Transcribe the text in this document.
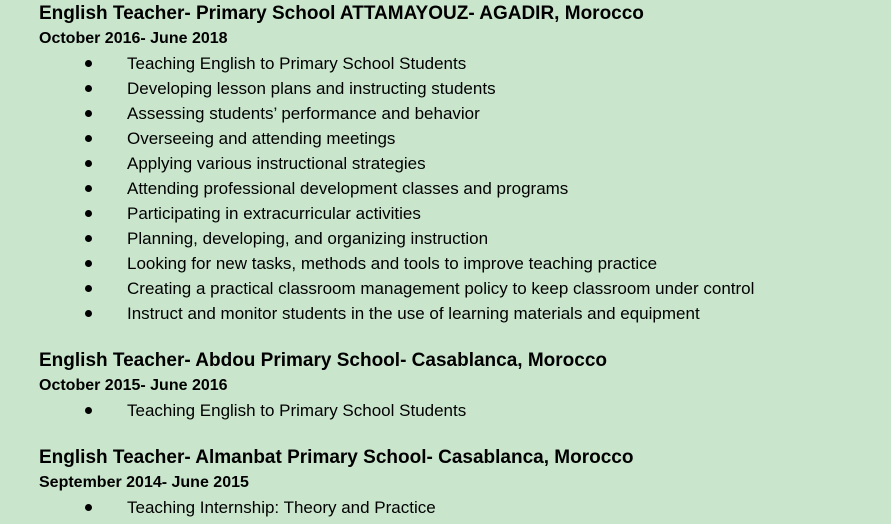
English Teacher- Primary School ATTAMAYOUZ- AGADIR, Morocco

October 2016- June 2018

Teaching English to Primary School Students
Developing lesson plans and instructing students
Assessing students’ performance and behavior
Overseeing and attending meetings
Applying various instructional strategies
Attending professional development classes and programs
Participating in extracurricular activities
Planning, developing, and organizing instruction
Looking for new tasks, methods and tools to improve teaching practice
Creating a practical classroom management policy to keep classroom under control
Instruct and monitor students in the use of learning materials and equipment

English Teacher- Abdou Primary School- Casablanca, Morocco

October 2015- June 2016

Teaching English to Primary School Students

English Teacher- Almanbat Primary School- Casablanca, Morocco

September 2014- June 2015

Teaching Internship: Theory and Practice
